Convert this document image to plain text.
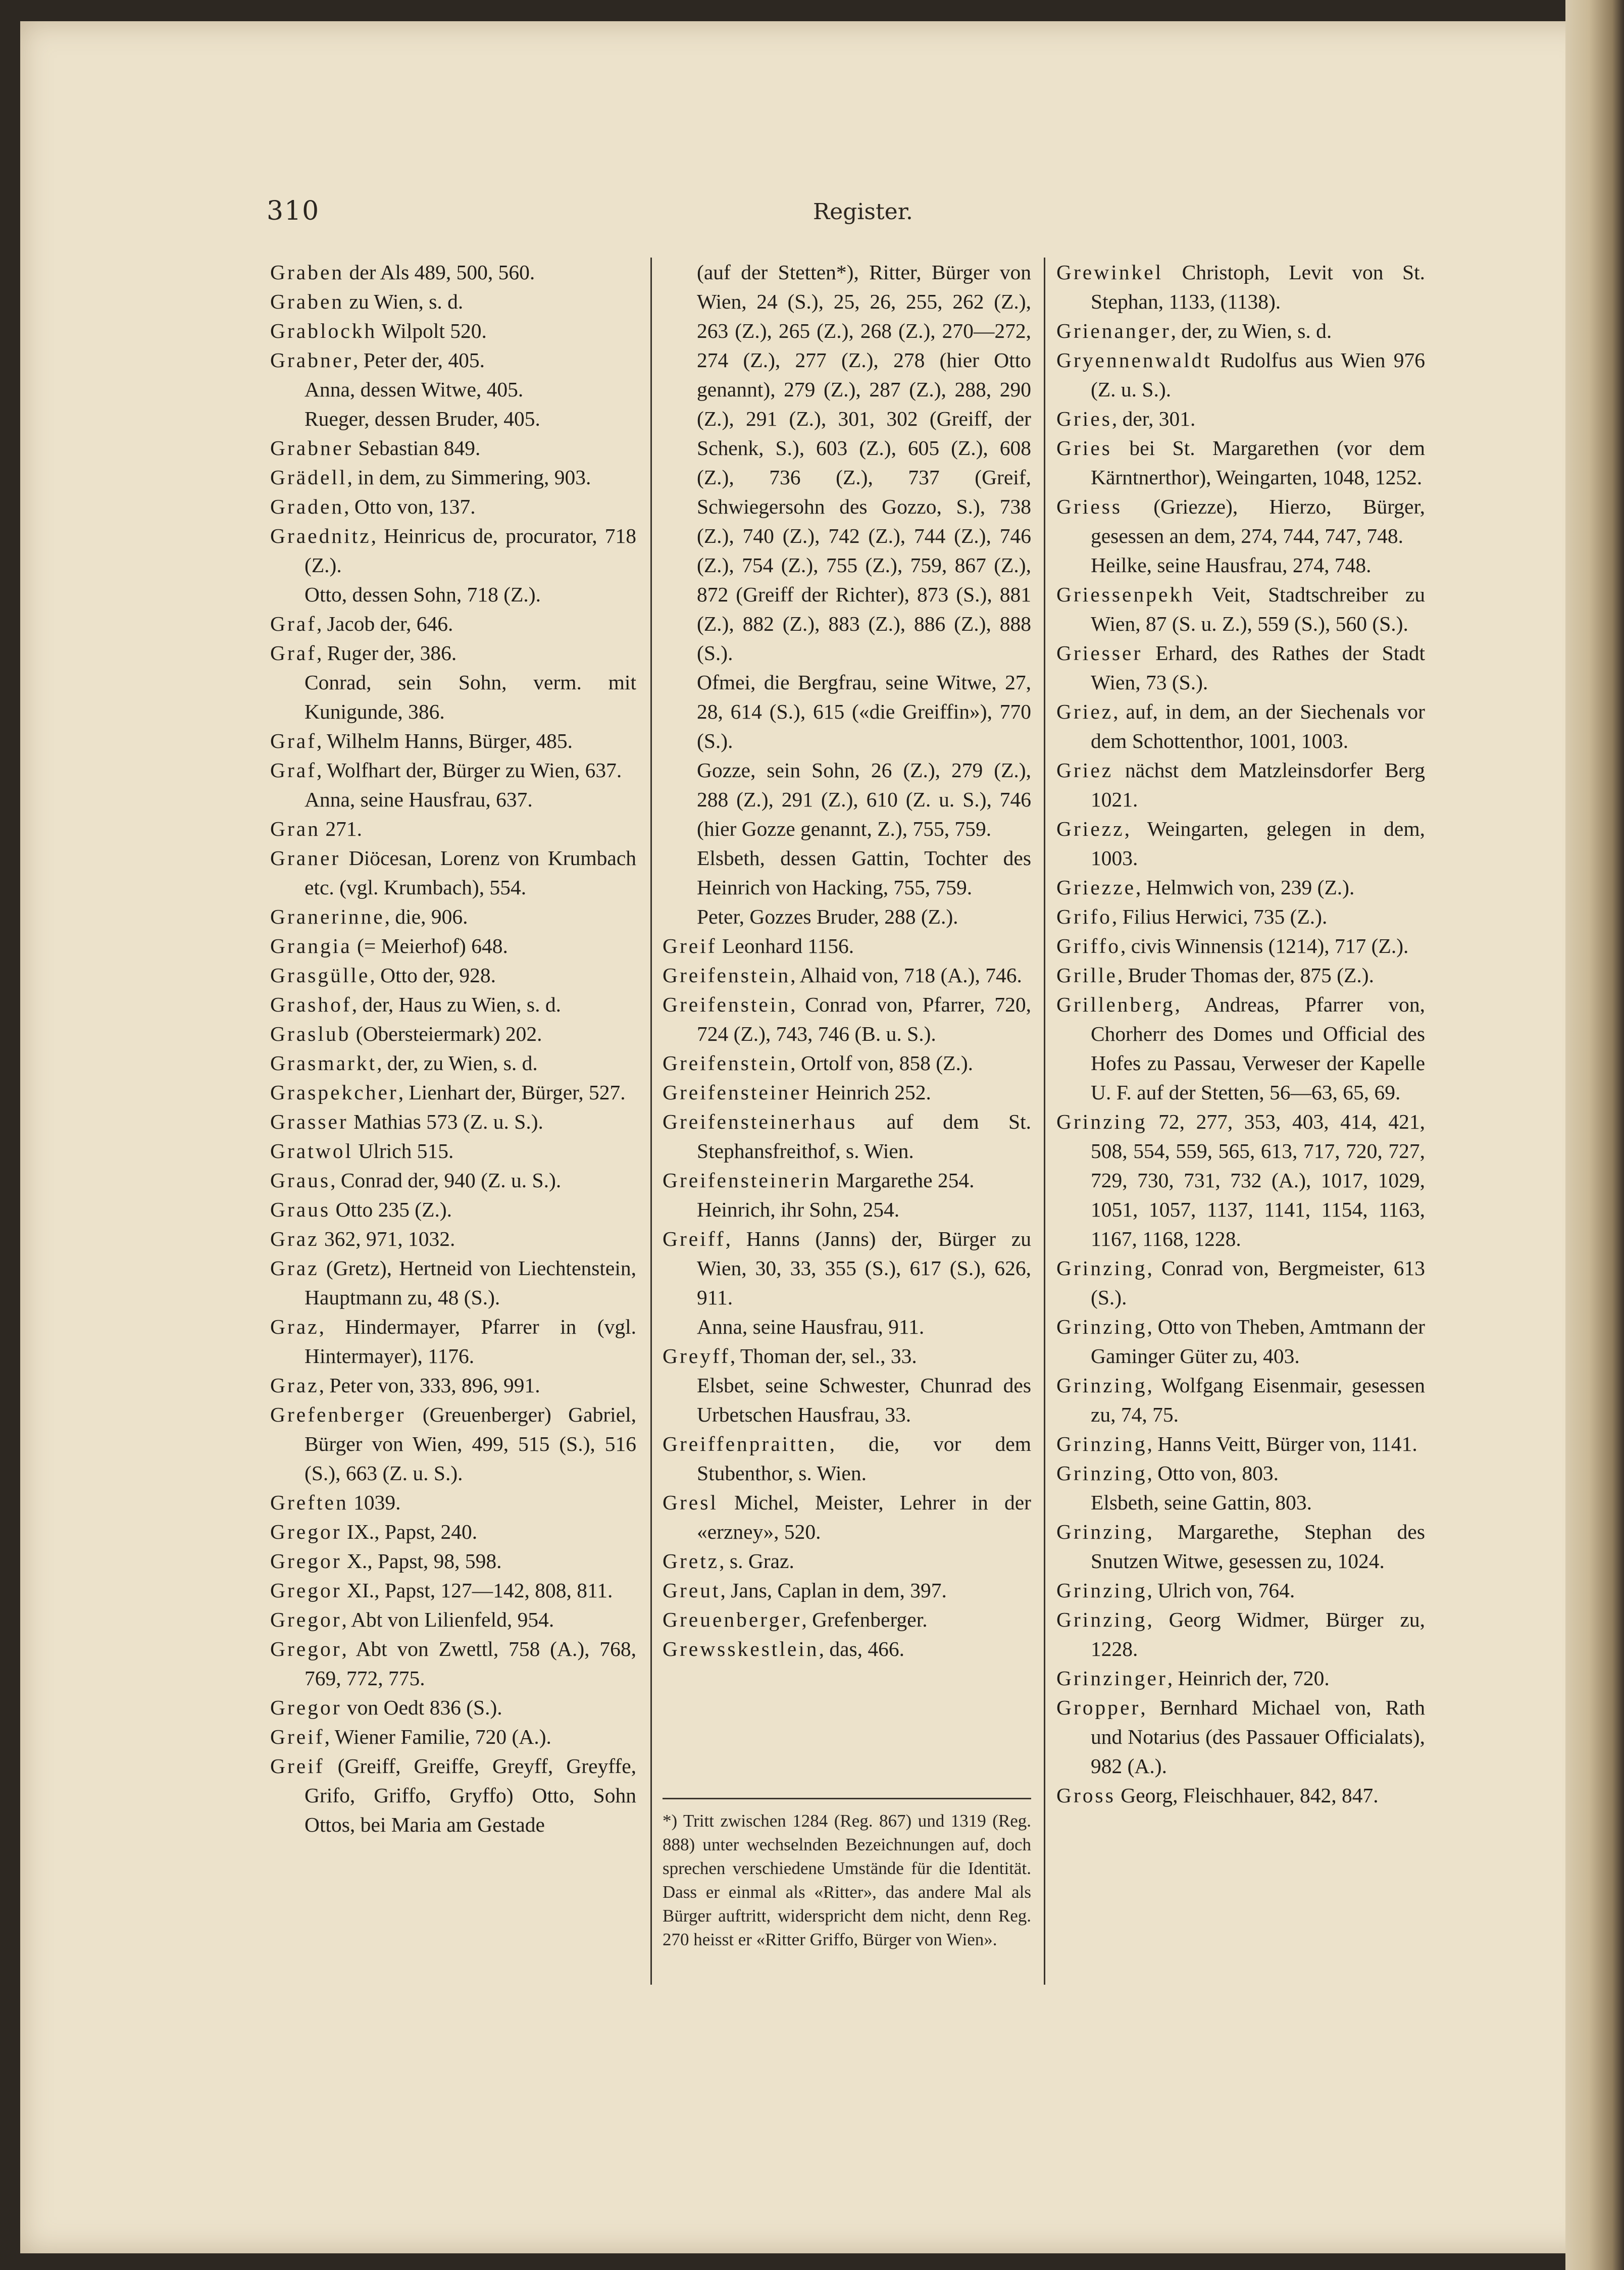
310	Register.
Graben der Als 489, 500, 560.
Graben zu Wien, s. d.
Grablockh Wilpolt 520.
Grabner, Peter der, 405.
Anna, dessen Witwe, 405.
Rueger, dessen Bruder, 405.
Grabner Sebastian 849.
Grädell, in dem, zu Simmering, 903.
Graden, Otto von, 137.
Graednitz, Heinricus de, procurator, 718 (Z.).
Otto, dessen Sohn, 718 (Z.).
Graf, Jacob der, 646.
Graf, Ruger der, 386.
Conrad, sein Sohn, verm. mit Kunigunde, 386.
Graf, Wilhelm Hanns, Bürger, 485.
Graf, Wolfhart der, Bürger zu Wien, 637.
Anna, seine Hausfrau, 637.
Gran 271.
Graner Diöcesan, Lorenz von Krumbach etc. (vgl. Krumbach), 554.
Granerinne, die, 906.
Grangia (= Meierhof) 648.
Grasgülle, Otto der, 928.
Grashof, der, Haus zu Wien, s. d.
Graslub (Obersteiermark) 202.
Grasmarkt, der, zu Wien, s. d.
Graspekcher, Lienhart der, Bürger, 527.
Grasser Mathias 573 (Z. u. S.).
Gratwol Ulrich 515.
Graus, Conrad der, 940 (Z. u. S.).
Graus Otto 235 (Z.).
Graz 362, 971, 1032.
Graz (Gretz), Hertneid von Liechtenstein, Hauptmann zu, 48 (S.).
Graz, Hindermayer, Pfarrer in (vgl. Hintermayer), 1176.
Graz, Peter von, 333, 896, 991.
Grefenberger (Greuenberger) Gabriel, Bürger von Wien, 499, 515 (S.), 516 (S.), 663 (Z. u. S.).
Greften 1039.
Gregor IX., Papst, 240.
Gregor X., Papst, 98, 598.
Gregor XI., Papst, 127—142, 808, 811.
Gregor, Abt von Lilienfeld, 954.
Gregor, Abt von Zwettl, 758 (A.), 768, 769, 772, 775.
Gregor von Oedt 836 (S.).
Greif, Wiener Familie, 720 (A.).
Greif (Greiff, Greiffe, Greyff, Greyffe, Grifo, Griffo, Gryffo) Otto, Sohn Ottos, bei Maria am Gestade
(auf der Stetten*), Ritter, Bürger von Wien, 24 (S.), 25, 26, 255, 262 (Z.), 263 (Z.), 265 (Z.), 268 (Z.), 270—272, 274 (Z.), 277 (Z.), 278 (hier Otto genannt), 279 (Z.), 287 (Z.), 288, 290 (Z.), 291 (Z.), 301, 302 (Greiff, der Schenk, S.), 603 (Z.), 605 (Z.), 608 (Z.), 736 (Z.), 737 (Greif, Schwiegersohn des Gozzo, S.), 738 (Z.), 740 (Z.), 742 (Z.), 744 (Z.), 746 (Z.), 754 (Z.), 755 (Z.), 759, 867 (Z.), 872 (Greiff der Richter), 873 (S.), 881 (Z.), 882 (Z.), 883 (Z.), 886 (Z.), 888 (S.).
Ofmei, die Bergfrau, seine Witwe, 27, 28, 614 (S.), 615 («die Greiffin»), 770 (S.).
Gozze, sein Sohn, 26 (Z.), 279 (Z.), 288 (Z.), 291 (Z.), 610 (Z. u. S.), 746 (hier Gozze genannt, Z.), 755, 759.
Elsbeth, dessen Gattin, Tochter des Heinrich von Hacking, 755, 759.
Peter, Gozzes Bruder, 288 (Z.).
Greif Leonhard 1156.
Greifenstein, Alhaid von, 718 (A.), 746.
Greifenstein, Conrad von, Pfarrer, 720, 724 (Z.), 743, 746 (B. u. S.).
Greifenstein, Ortolf von, 858 (Z.).
Greifensteiner Heinrich 252.
Greifensteinerhaus auf dem St. Stephansfreithof, s. Wien.
Greifensteinerin Margarethe 254.
Heinrich, ihr Sohn, 254.
Greiff, Hanns (Janns) der, Bürger zu Wien, 30, 33, 355 (S.), 617 (S.), 626, 911.
Anna, seine Hausfrau, 911.
Greyff, Thoman der, sel., 33.
Elsbet, seine Schwester, Chunrad des Urbetschen Hausfrau, 33.
Greiffenpraitten, die, vor dem Stubenthor, s. Wien.
Gresl Michel, Meister, Lehrer in der «erzney», 520.
Gretz, s. Graz.
Greut, Jans, Caplan in dem, 397.
Greuenberger, Grefenberger.
Grewsskestlein, das, 466.
Grewinkel Christoph, Levit von St. Stephan, 1133, (1138).
Grienanger, der, zu Wien, s. d.
Gryennenwaldt Rudolfus aus Wien 976 (Z. u. S.).
Gries, der, 301.
Gries bei St. Margarethen (vor dem Kärntnerthor), Weingarten, 1048, 1252.
Griess (Griezze), Hierzo, Bürger, gesessen an dem, 274, 744, 747, 748.
Heilke, seine Hausfrau, 274, 748.
Griessenpekh Veit, Stadtschreiber zu Wien, 87 (S. u. Z.), 559 (S.), 560 (S.).
Griesser Erhard, des Rathes der Stadt Wien, 73 (S.).
Griez, auf, in dem, an der Siechenals vor dem Schottenthor, 1001, 1003.
Griez nächst dem Matzleinsdorfer Berg 1021.
Griezz, Weingarten, gelegen in dem, 1003.
Griezze, Helmwich von, 239 (Z.).
Grifo, Filius Herwici, 735 (Z.).
Griffo, civis Winnensis (1214), 717 (Z.).
Grille, Bruder Thomas der, 875 (Z.).
Grillenberg, Andreas, Pfarrer von, Chorherr des Domes und Official des Hofes zu Passau, Verweser der Kapelle U. F. auf der Stetten, 56—63, 65, 69.
Grinzing 72, 277, 353, 403, 414, 421, 508, 554, 559, 565, 613, 717, 720, 727, 729, 730, 731, 732 (A.), 1017, 1029, 1051, 1057, 1137, 1141, 1154, 1163, 1167, 1168, 1228.
Grinzing, Conrad von, Bergmeister, 613 (S.).
Grinzing, Otto von Theben, Amtmann der Gaminger Güter zu, 403.
Grinzing, Wolfgang Eisenmair, gesessen zu, 74, 75.
Grinzing, Hanns Veitt, Bürger von, 1141.
Grinzing, Otto von, 803.
Elsbeth, seine Gattin, 803.
Grinzing, Margarethe, Stephan des Snutzen Witwe, gesessen zu, 1024.
Grinzing, Ulrich von, 764.
Grinzing, Georg Widmer, Bürger zu, 1228.
Grinzinger, Heinrich der, 720.
Gropper, Bernhard Michael von, Rath und Notarius (des Passauer Officialats), 982 (A.).
Gross Georg, Fleischhauer, 842, 847.
*) Tritt zwischen 1284 (Reg. 867) und 1319 (Reg. 888) unter wechselnden Bezeichnungen auf, doch sprechen verschiedene Umstände für die Identität. Dass er einmal als «Ritter», das andere Mal als Bürger auftritt, widerspricht dem nicht, denn Reg. 270 heisst er «Ritter Griffo, Bürger von Wien».
